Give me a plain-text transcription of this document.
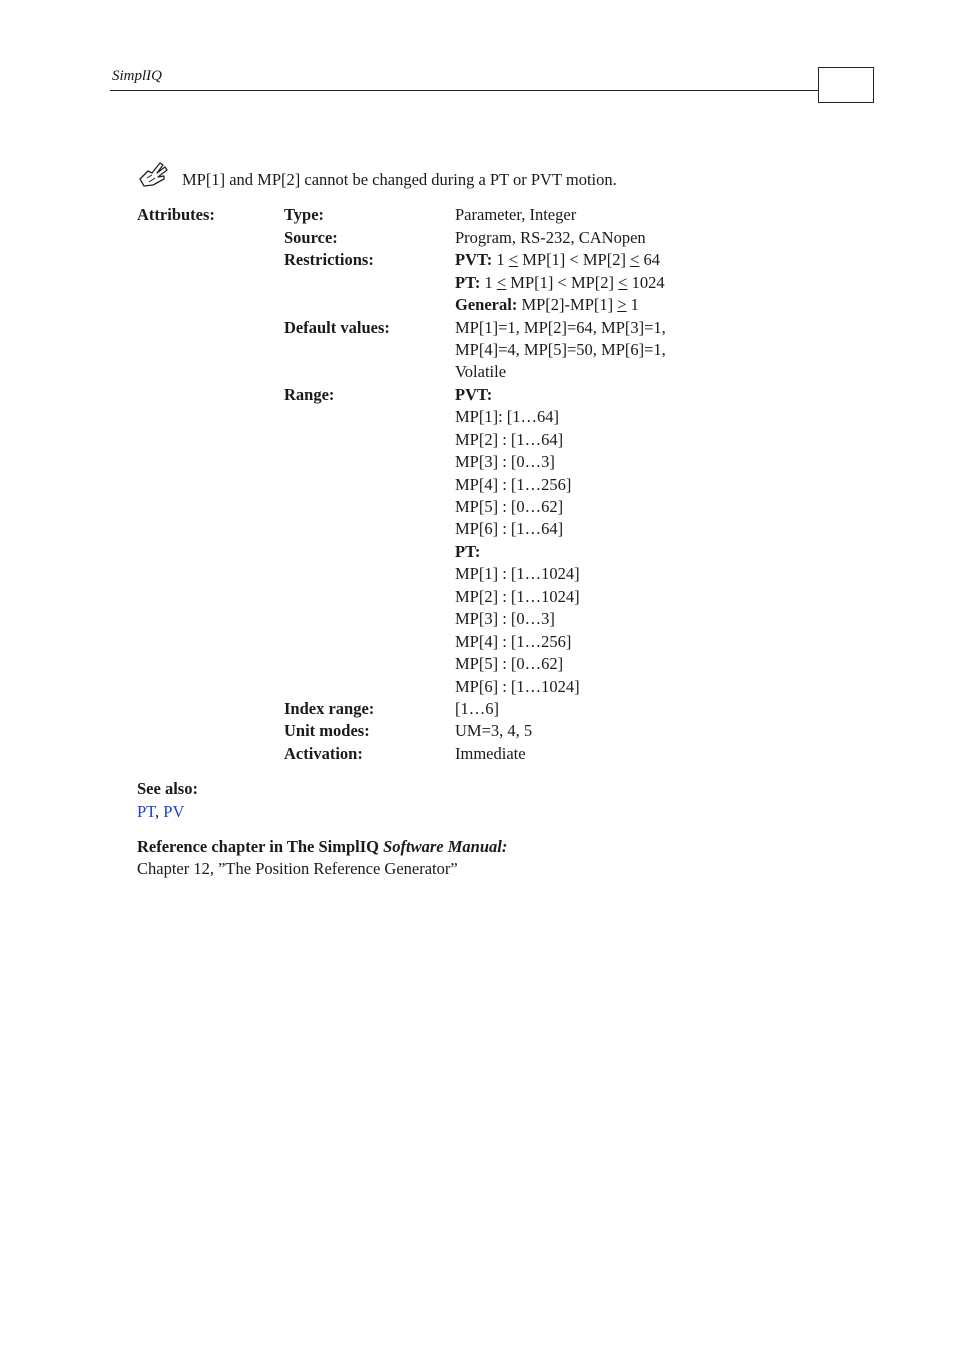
SimplIQ
MP[1] and MP[2] cannot be changed during a PT or PVT motion.
Attributes:	Type:	Parameter, Integer
Source:	Program, RS-232, CANopen
Restrictions:	PVT: 1 < MP[1] < MP[2] < 64
PT: 1 < MP[1] < MP[2] < 1024
General: MP[2]-MP[1] ≥ 1
Default values:	MP[1]=1, MP[2]=64, MP[3]=1,
MP[4]=4, MP[5]=50, MP[6]=1,
Volatile
Range:	PVT:
MP[1]: [1…64]
MP[2] : [1…64]
MP[3] : [0…3]
MP[4] : [1…256]
MP[5] : [0…62]
MP[6] : [1…64]
PT:
MP[1] : [1…1024]
MP[2] : [1…1024]
MP[3] : [0…3]
MP[4] : [1…256]
MP[5] : [0…62]
MP[6] : [1…1024]
Index range:	[1…6]
Unit modes:	UM=3, 4, 5
Activation:	Immediate
See also:
PT, PV
Reference chapter in The SimplIQ Software Manual:
Chapter 12, ”The Position Reference Generator”
